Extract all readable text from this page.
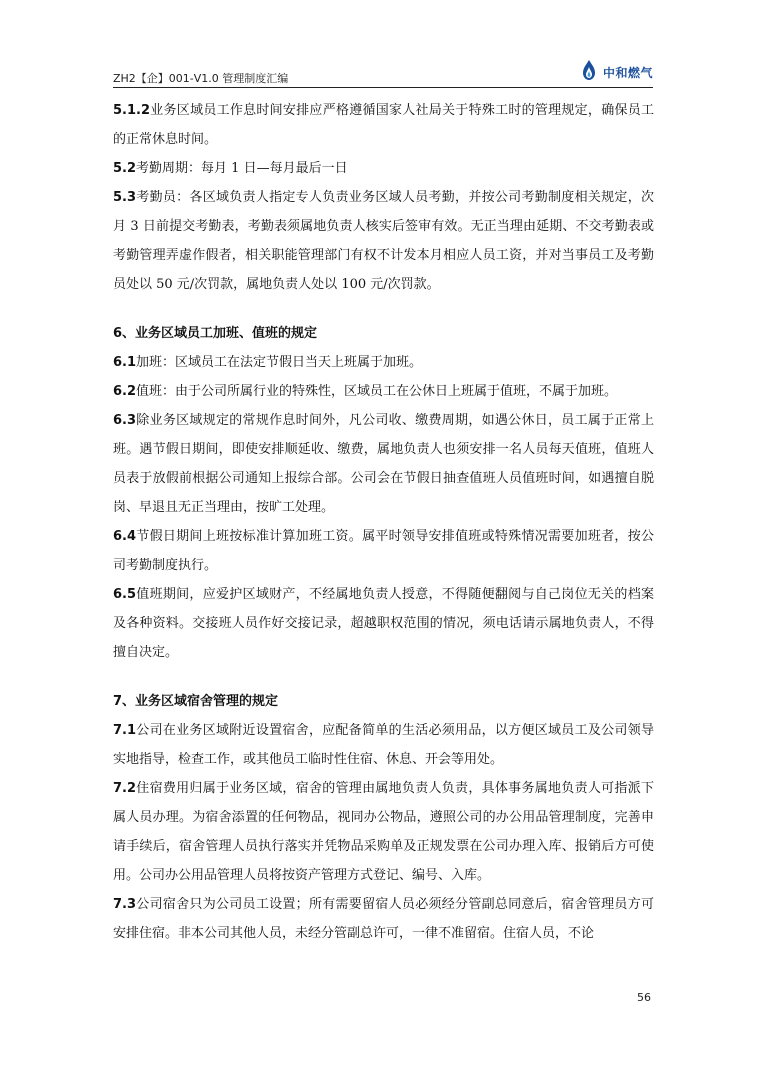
ZH2【企】001-V1.0 管理制度汇编	中和燃气

5.1.2业务区域员工作息时间安排应严格遵循国家人社局关于特殊工时的管理规定，确保员工的正常休息时间。

5.2考勤周期：每月 1 日—每月最后一日

5.3考勤员：各区域负责人指定专人负责业务区域人员考勤，并按公司考勤制度相关规定，次月 3 日前提交考勤表，考勤表须属地负责人核实后签审有效。无正当理由延期、不交考勤表或考勤管理弄虚作假者，相关职能管理部门有权不计发本月相应人员工资，并对当事员工及考勤员处以 50 元/次罚款，属地负责人处以 100 元/次罚款。

6、业务区域员工加班、值班的规定

6.1加班：区域员工在法定节假日当天上班属于加班。

6.2值班：由于公司所属行业的特殊性，区域员工在公休日上班属于值班，不属于加班。

6.3除业务区域规定的常规作息时间外，凡公司收、缴费周期，如遇公休日，员工属于正常上班。遇节假日期间，即使安排顺延收、缴费，属地负责人也须安排一名人员每天值班，值班人员表于放假前根据公司通知上报综合部。公司会在节假日抽查值班人员值班时间，如遇擅自脱岗、早退且无正当理由，按旷工处理。

6.4节假日期间上班按标准计算加班工资。属平时领导安排值班或特殊情况需要加班者，按公司考勤制度执行。

6.5值班期间，应爱护区域财产，不经属地负责人授意，不得随便翻阅与自己岗位无关的档案及各种资料。交接班人员作好交接记录，超越职权范围的情况，须电话请示属地负责人，不得擅自决定。

7、业务区域宿舍管理的规定

7.1公司在业务区域附近设置宿舍，应配备简单的生活必须用品，以方便区域员工及公司领导实地指导，检查工作，或其他员工临时性住宿、休息、开会等用处。

7.2住宿费用归属于业务区域，宿舍的管理由属地负责人负责，具体事务属地负责人可指派下属人员办理。为宿舍添置的任何物品，视同办公物品，遵照公司的办公用品管理制度，完善申请手续后，宿舍管理人员执行落实并凭物品采购单及正规发票在公司办理入库、报销后方可使用。公司办公用品管理人员将按资产管理方式登记、编号、入库。

7.3公司宿舍只为公司员工设置；所有需要留宿人员必须经分管副总同意后，宿舍管理员方可安排住宿。非本公司其他人员，未经分管副总许可，一律不准留宿。住宿人员，不论

56
